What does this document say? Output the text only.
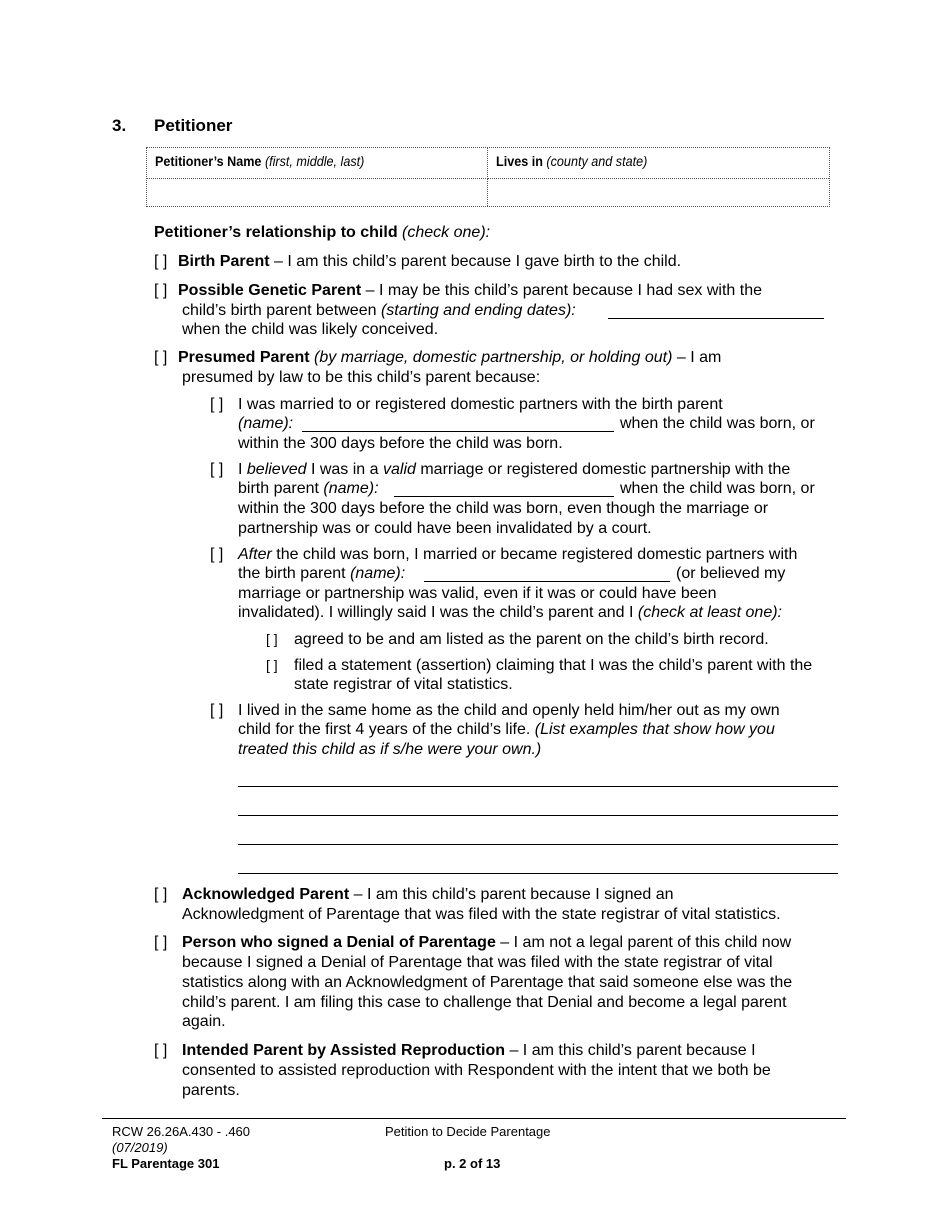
3. Petitioner
Petitioner’s Name (first, middle, last)	Lives in (county and state)
Petitioner’s relationship to child (check one):
[ ] Birth Parent – I am this child’s parent because I gave birth to the child.
[ ] Possible Genetic Parent – I may be this child’s parent because I had sex with the
child’s birth parent between (starting and ending dates):
when the child was likely conceived.
[ ] Presumed Parent (by marriage, domestic partnership, or holding out) – I am
presumed by law to be this child’s parent because:
[ ] I was married to or registered domestic partners with the birth parent
(name):	when the child was born, or
within the 300 days before the child was born.
[ ] I believed I was in a valid marriage or registered domestic partnership with the
birth parent (name):	when the child was born, or
within the 300 days before the child was born, even though the marriage or
partnership was or could have been invalidated by a court.
[ ] After the child was born, I married or became registered domestic partners with
the birth parent (name):	(or believed my
marriage or partnership was valid, even if it was or could have been
invalidated). I willingly said I was the child’s parent and I (check at least one):
[ ] agreed to be and am listed as the parent on the child’s birth record.
[ ] filed a statement (assertion) claiming that I was the child’s parent with the
state registrar of vital statistics.
[ ] I lived in the same home as the child and openly held him/her out as my own
child for the first 4 years of the child’s life. (List examples that show how you
treated this child as if s/he were your own.)
[ ] Acknowledged Parent – I am this child’s parent because I signed an
Acknowledgment of Parentage that was filed with the state registrar of vital statistics.
[ ] Person who signed a Denial of Parentage – I am not a legal parent of this child now
because I signed a Denial of Parentage that was filed with the state registrar of vital
statistics along with an Acknowledgment of Parentage that said someone else was the
child’s parent. I am filing this case to challenge that Denial and become a legal parent
again.
[ ] Intended Parent by Assisted Reproduction – I am this child’s parent because I
consented to assisted reproduction with Respondent with the intent that we both be
parents.
RCW 26.26A.430 - .460
(07/2019)
FL Parentage 301
Petition to Decide Parentage
p. 2 of 13
